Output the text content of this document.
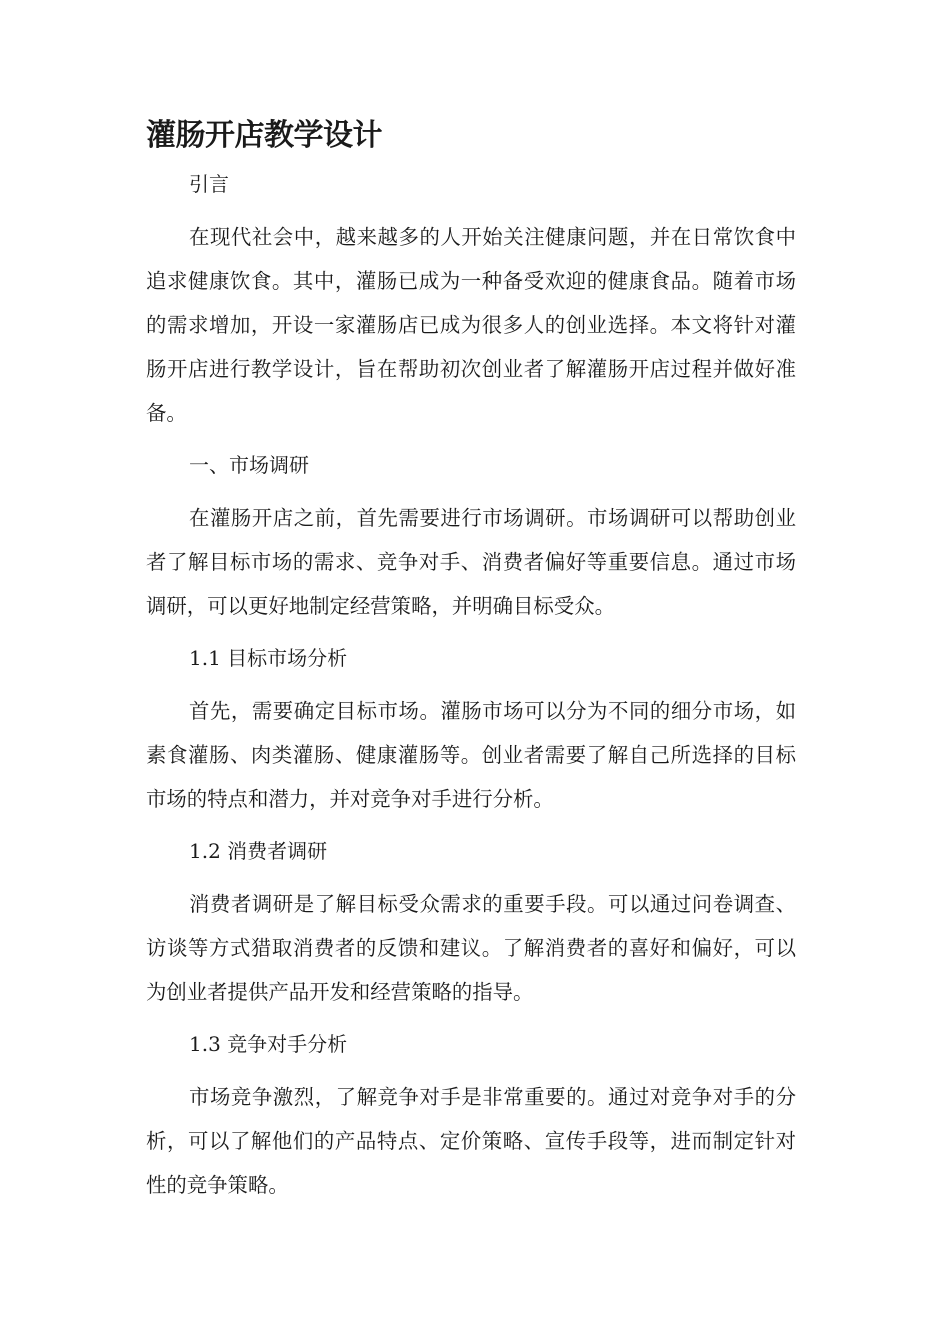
灌肠开店教学设计
引言

在现代社会中，越来越多的人开始关注健康问题，并在日常饮食中追求健康饮食。其中，灌肠已成为一种备受欢迎的健康食品。随着市场的需求增加，开设一家灌肠店已成为很多人的创业选择。本文将针对灌肠开店进行教学设计，旨在帮助初次创业者了解灌肠开店过程并做好准备。

一、市场调研

在灌肠开店之前，首先需要进行市场调研。市场调研可以帮助创业者了解目标市场的需求、竞争对手、消费者偏好等重要信息。通过市场调研，可以更好地制定经营策略，并明确目标受众。

1.1 目标市场分析

首先，需要确定目标市场。灌肠市场可以分为不同的细分市场，如素食灌肠、肉类灌肠、健康灌肠等。创业者需要了解自己所选择的目标市场的特点和潜力，并对竞争对手进行分析。

1.2 消费者调研

消费者调研是了解目标受众需求的重要手段。可以通过问卷调查、访谈等方式猎取消费者的反馈和建议。了解消费者的喜好和偏好，可以为创业者提供产品开发和经营策略的指导。

1.3 竞争对手分析

市场竞争激烈，了解竞争对手是非常重要的。通过对竞争对手的分析，可以了解他们的产品特点、定价策略、宣传手段等，进而制定针对性的竞争策略。
